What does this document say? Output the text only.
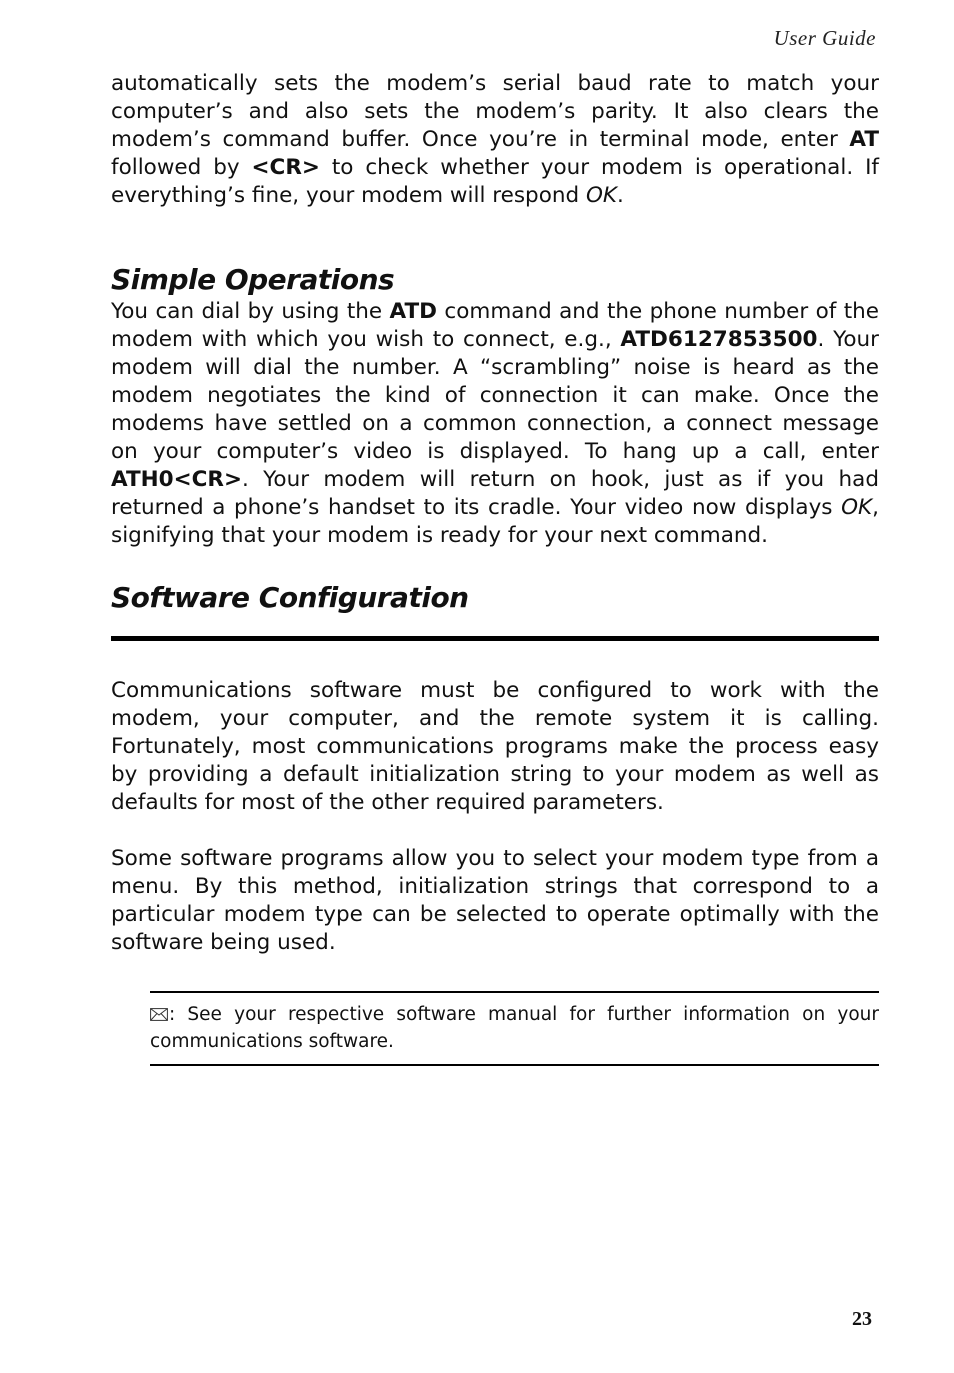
User Guide

automatically sets the modem’s serial baud rate to match your computer’s and also sets the modem’s parity. It also clears the modem’s command buffer. Once you’re in terminal mode, enter AT followed by <CR> to check whether your modem is operational. If everything’s fine, your modem will respond OK.

Simple Operations

You can dial by using the ATD command and the phone number of the modem with which you wish to connect, e.g., ATD6127853500. Your modem will dial the number. A “scrambling” noise is heard as the modem negotiates the kind of connection it can make. Once the modems have settled on a common connection, a connect message on your computer’s video is displayed. To hang up a call, enter ATH0<CR>. Your modem will return on hook, just as if you had returned a phone’s handset to its cradle. Your video now displays OK, signifying that your modem is ready for your next command.

Software Configuration

Communications software must be configured to work with the modem, your computer, and the remote system it is calling. Fortunately, most communications programs make the process easy by providing a default initialization string to your modem as well as defaults for most of the other required parameters.

Some software programs allow you to select your modem type from a menu. By this method, initialization strings that correspond to a particular modem type can be selected to operate optimally with the software being used.

: See your respective software manual for further information on your communications software.
23
